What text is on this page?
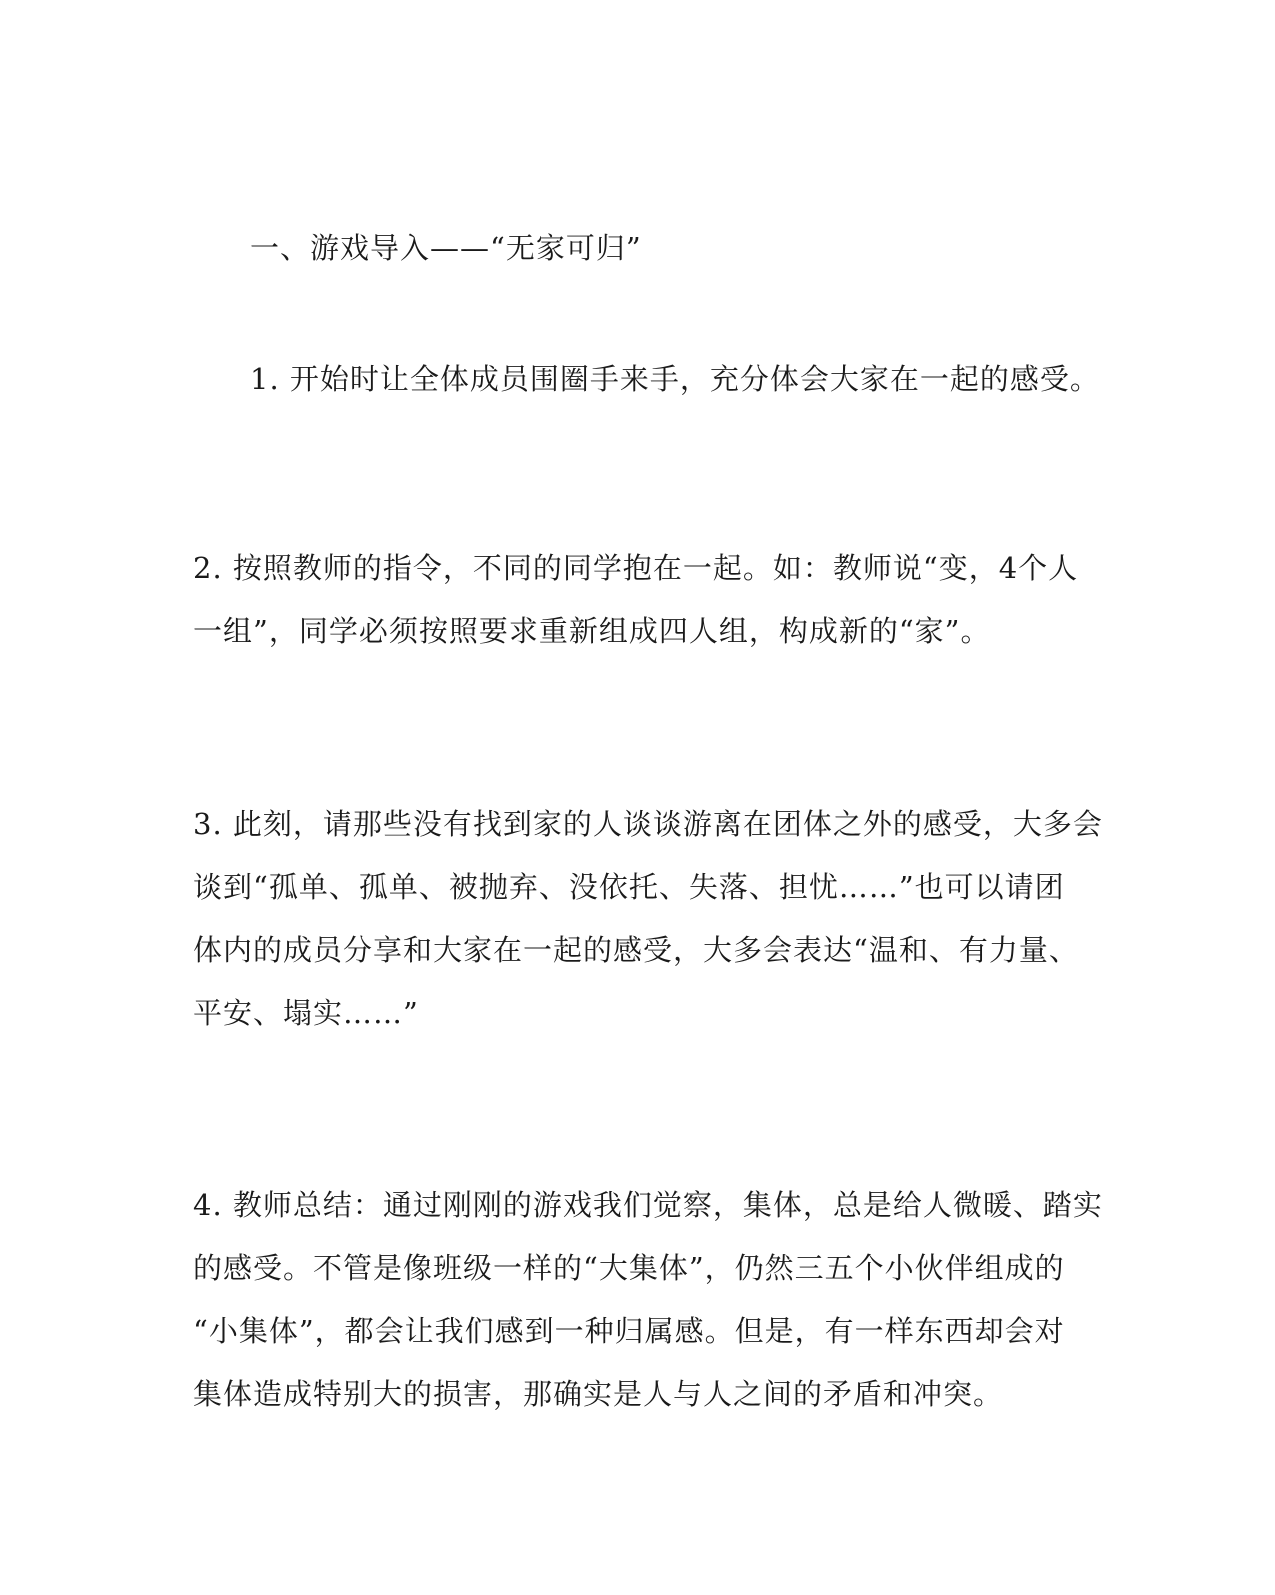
一、游戏导入——“无家可归”
1. 开始时让全体成员围圈手来手，充分体会大家在一起的感受。
2. 按照教师的指令，不同的同学抱在一起。如：教师说“变，4个人
一组”，同学必须按照要求重新组成四人组，构成新的“家”。
3. 此刻，请那些没有找到家的人谈谈游离在团体之外的感受，大多会
谈到“孤单、孤单、被抛弃、没依托、失落、担忧……”也可以请团
体内的成员分享和大家在一起的感受，大多会表达“温和、有力量、
平安、塌实……”
4. 教师总结：通过刚刚的游戏我们觉察，集体，总是给人微暖、踏实
的感受。不管是像班级一样的“大集体”，仍然三五个小伙伴组成的
“小集体”，都会让我们感到一种归属感。但是，有一样东西却会对
集体造成特别大的损害，那确实是人与人之间的矛盾和冲突。
